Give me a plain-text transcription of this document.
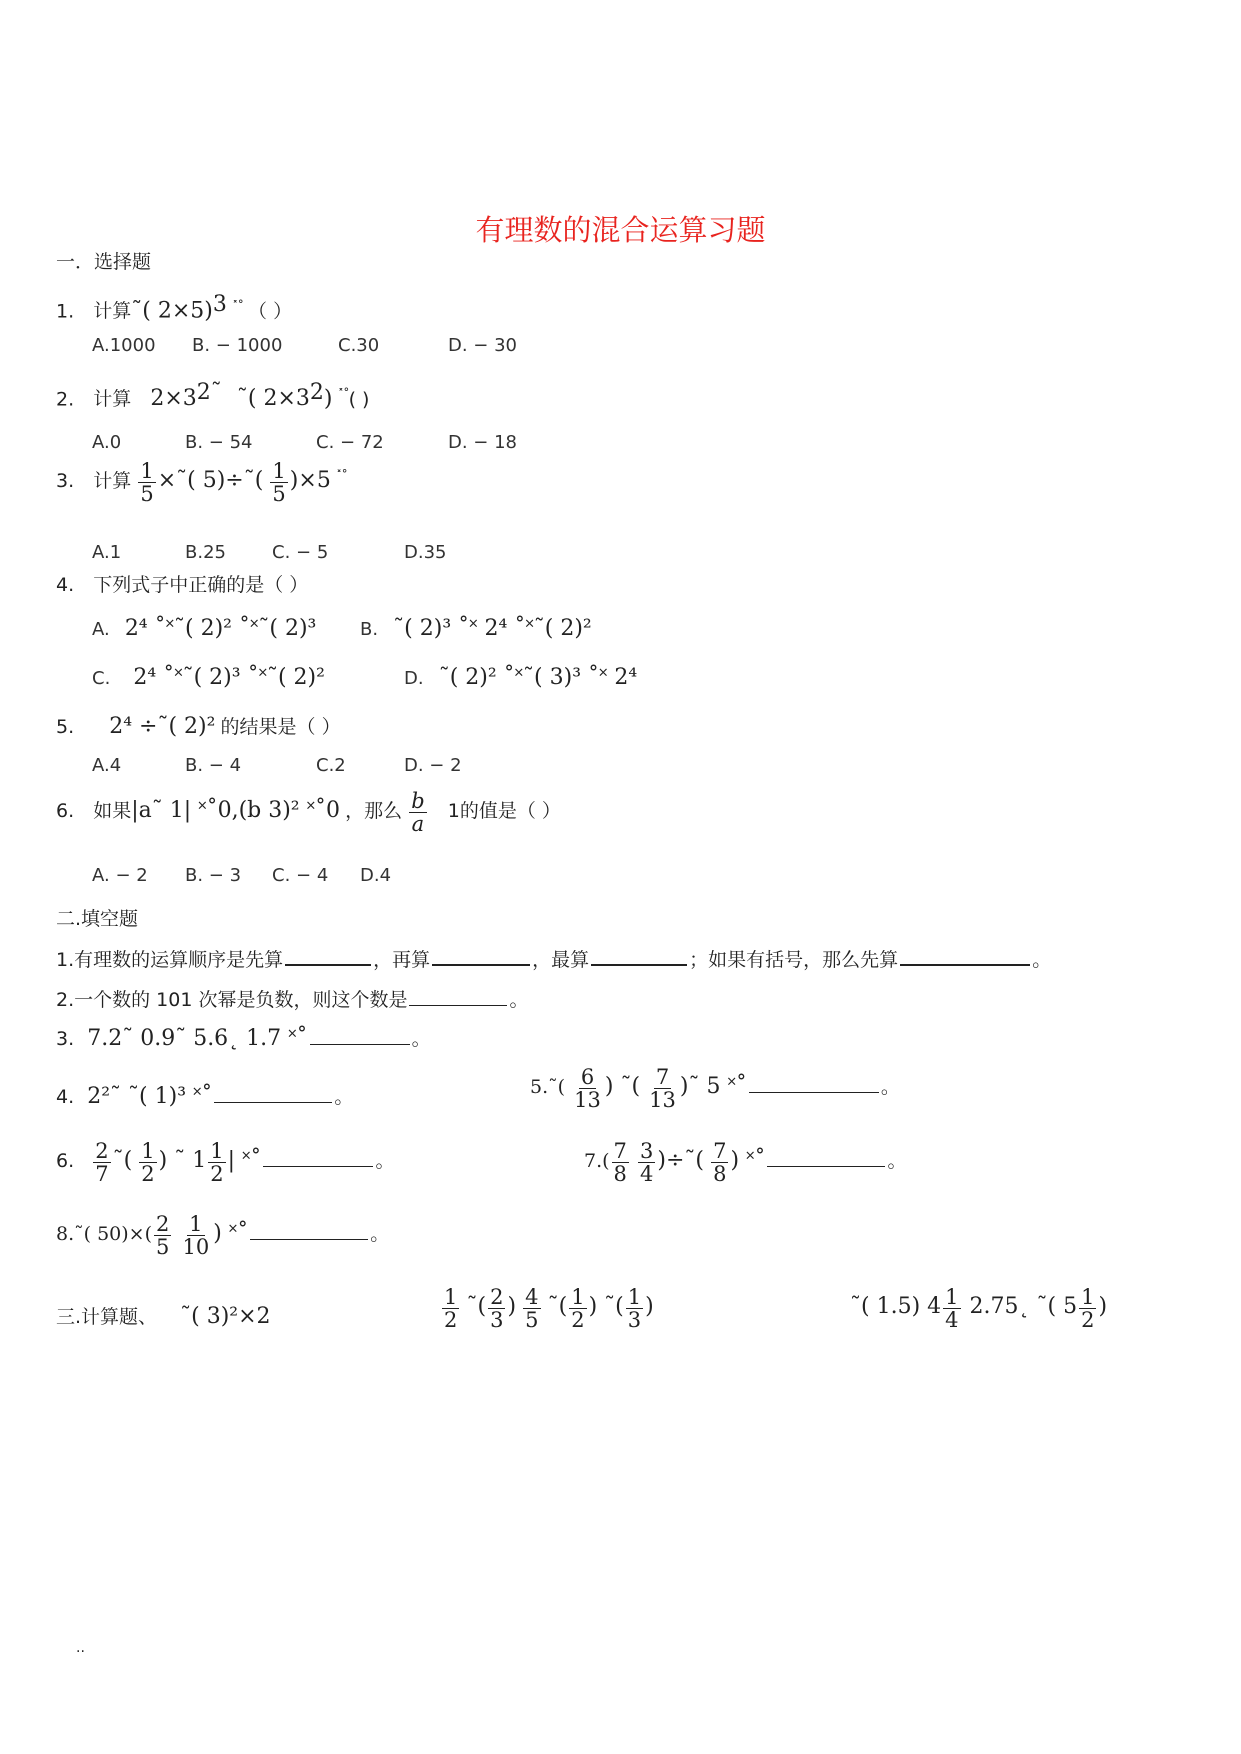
有理数的混合运算习题
一．选择题
1. 计算˜( 2×5)$^3$ ˟˚ （ ）
A.1000 B. − 1000	C.30	D. − 30
2. 计算 $2\times 3^{2˜}$ ˜( $2\times 3^2$) ˟˚( )
A.0	B. − 54	C. − 72	D. − 18
3. 计算 $\frac{1}{5}$ ×˜( 5)÷˜( $\frac{1}{5} )\times 5$ ˟˚
A.1	B.25	C. − 5	D.35
4. 下列式子中正确的是（ ）
A. 2⁴ ˚˟˜( 2)² ˚˟˜( 2)³ B. ˜( 2)³ ˚˟ 2⁴ ˚˟˜( 2)²
C. 2⁴ ˚˟˜( 2)³ ˚˟˜( 2)²	D. ˜( 2)² ˚˟˜( 3)³ ˚˟ 2⁴
5. 2⁴ ÷˜( 2)² 的结果是（ ）
A.4	B. − 4	C.2	D. − 2
6. 如果|a˜ 1| ˟˚0,(b 3)² ˟˚0 ，那么 $\frac{b}{a} 1$的值是（ ）
A. − 2 B. − 3 C. − 4 D.4
二.填空题
1.有理数的运算顺序是先算	，再算	，最算	；如果有括号，那么先算	。
2.一个数的 101 次幂是负数，则这个数是	。
3. 7.2˜ 0.9˜ 5.6˛ 1.7 ˟˚	。
4. 2²˜ ˜( 1)³ ˟˚	。	5.˜( $\frac{6}{13}$ ) ˜( $\frac{7}{13}$ )˜ 5 ˟˚	。
6. $\frac{2}{7}$ ˜( $\frac{1}{2}$ ) ˜ $1 \frac{1}{2}$ | ˟˚	。	$7.( \frac{7}{8}$
$\frac{3}{4}$ )÷˜( $\frac{7}{8}$ ) ˟˚	。
8.˜( $50)\times( \frac{2}{5}$
$\frac{1}{10}$ ) ˟˚	。
三.计算题、 ˜( 3)²×2	$\frac{1}{2}$ ˜( $\frac{2}{3}$ ) $\frac{4}{5}$ ˜( $\frac{1}{2}$ ) ˜( $\frac{1}{3}$ )	˜( 1.5) $4 \frac{1}{4}$ 2.75˛ ˜( $5 \frac{1}{2}$ )
..
